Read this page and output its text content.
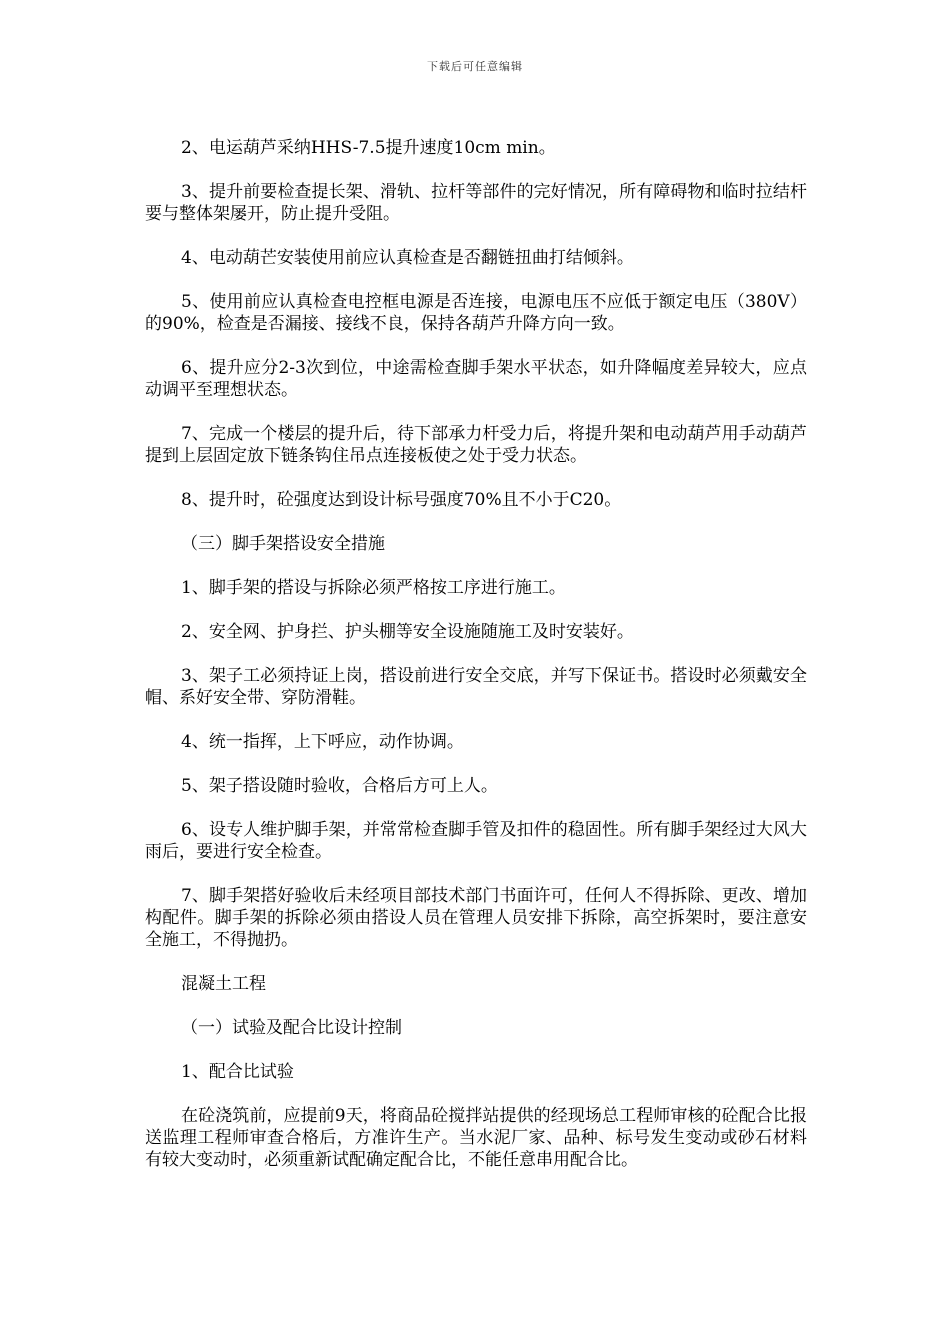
下载后可任意编辑

2、电运葫芦采纳HHS-7.5提升速度10cm min。

3、提升前要检查提长架、滑轨、拉杆等部件的完好情况，所有障碍物和临时拉结杆要与整体架屡开，防止提升受阻。

4、电动葫芒安装使用前应认真检查是否翻链扭曲打结倾斜。

5、使用前应认真检查电控框电源是否连接，电源电压不应低于额定电压（380V）的90%，检查是否漏接、接线不良，保持各葫芦升降方向一致。

6、提升应分2-3次到位，中途需检查脚手架水平状态，如升降幅度差异较大，应点动调平至理想状态。

7、完成一个楼层的提升后，待下部承力杆受力后，将提升架和电动葫芦用手动葫芦提到上层固定放下链条钩住吊点连接板使之处于受力状态。

8、提升时，砼强度达到设计标号强度70%且不小于C20。

（三）脚手架搭设安全措施

1、脚手架的搭设与拆除必须严格按工序进行施工。

2、安全网、护身拦、护头棚等安全设施随施工及时安装好。

3、架子工必须持证上岗，搭设前进行安全交底，并写下保证书。搭设时必须戴安全帽、系好安全带、穿防滑鞋。

4、统一指挥，上下呼应，动作协调。

5、架子搭设随时验收，合格后方可上人。

6、设专人维护脚手架，并常常检查脚手管及扣件的稳固性。所有脚手架经过大风大雨后，要进行安全检查。

7、脚手架搭好验收后未经项目部技术部门书面许可，任何人不得拆除、更改、增加构配件。脚手架的拆除必须由搭设人员在管理人员安排下拆除，高空拆架时，要注意安全施工，不得抛扔。

混凝土工程

（一）试验及配合比设计控制

1、配合比试验

在砼浇筑前，应提前9天，将商品砼搅拌站提供的经现场总工程师审核的砼配合比报送监理工程师审查合格后，方准许生产。当水泥厂家、品种、标号发生变动或砂石材料有较大变动时，必须重新试配确定配合比，不能任意串用配合比。
